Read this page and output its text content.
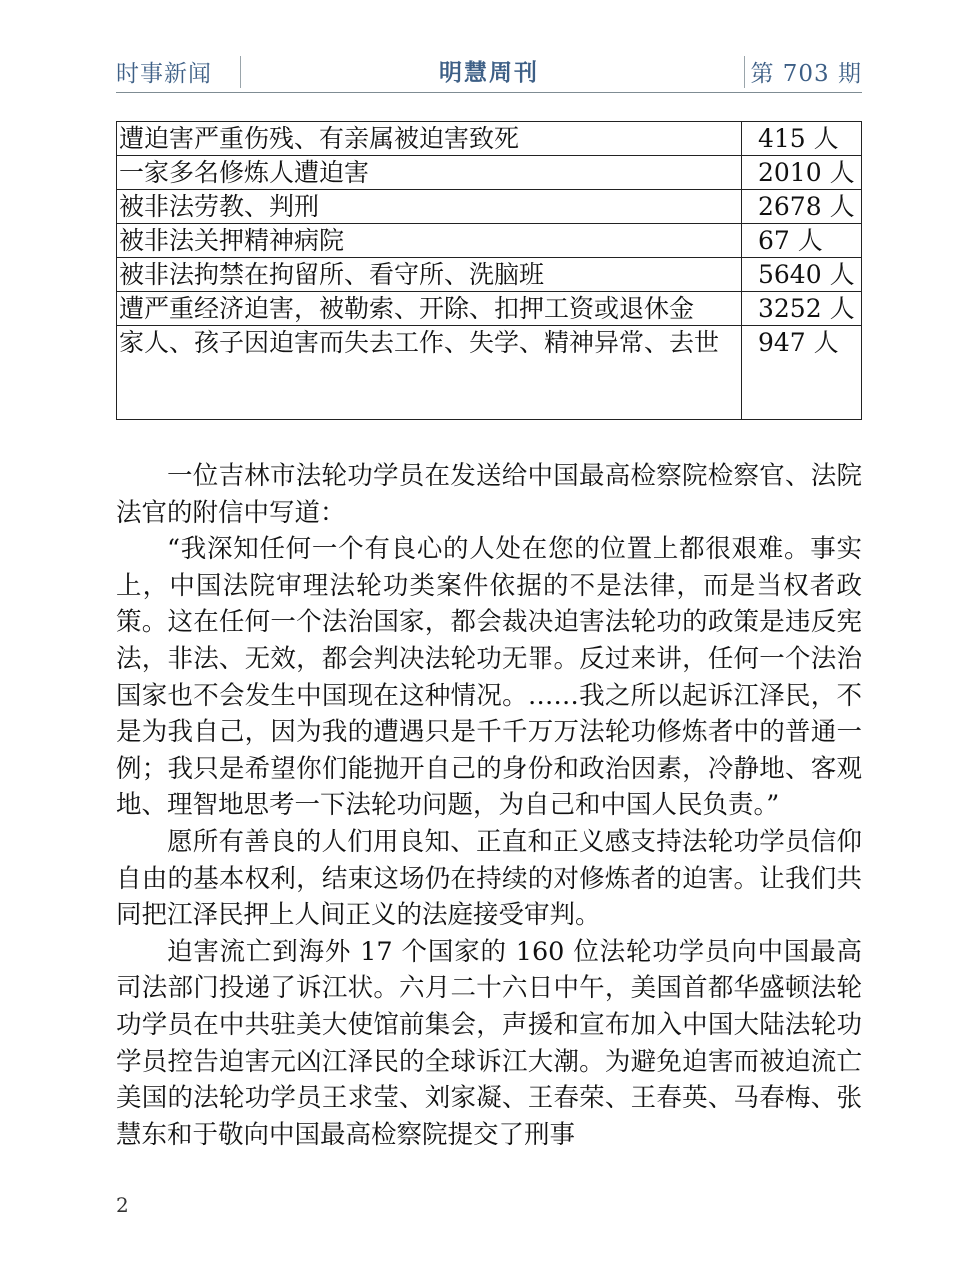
时事新闻	明慧周刊	第 703 期
遭迫害严重伤残、有亲属被迫害致死	415 人
一家多名修炼人遭迫害	2010 人
被非法劳教、判刑	2678 人
被非法关押精神病院	67 人
被非法拘禁在拘留所、看守所、洗脑班	5640 人
遭严重经济迫害，被勒索、开除、扣押工资或退休金	3252 人
家人、孩子因迫害而失去工作、失学、精神异常、去世	947 人

一位吉林市法轮功学员在发送给中国最高检察院检察官、法院法官的附信中写道：

“我深知任何一个有良心的人处在您的位置上都很艰难。事实上，中国法院审理法轮功类案件依据的不是法律，而是当权者政策。这在任何一个法治国家，都会裁决迫害法轮功的政策是违反宪法，非法、无效，都会判决法轮功无罪。反过来讲，任何一个法治国家也不会发生中国现在这种情况。……我之所以起诉江泽民，不是为我自己，因为我的遭遇只是千千万万法轮功修炼者中的普通一例；我只是希望你们能抛开自己的身份和政治因素，冷静地、客观地、理智地思考一下法轮功问题，为自己和中国人民负责。”

愿所有善良的人们用良知、正直和正义感支持法轮功学员信仰自由的基本权利，结束这场仍在持续的对修炼者的迫害。让我们共同把江泽民押上人间正义的法庭接受审判。

迫害流亡到海外 17 个国家的 160 位法轮功学员向中国最高司法部门投递了诉江状。六月二十六日中午，美国首都华盛顿法轮功学员在中共驻美大使馆前集会，声援和宣布加入中国大陆法轮功学员控告迫害元凶江泽民的全球诉江大潮。为避免迫害而被迫流亡美国的法轮功学员王求莹、刘家凝、王春荣、王春英、马春梅、张慧东和于敬向中国最高检察院提交了刑事

2
